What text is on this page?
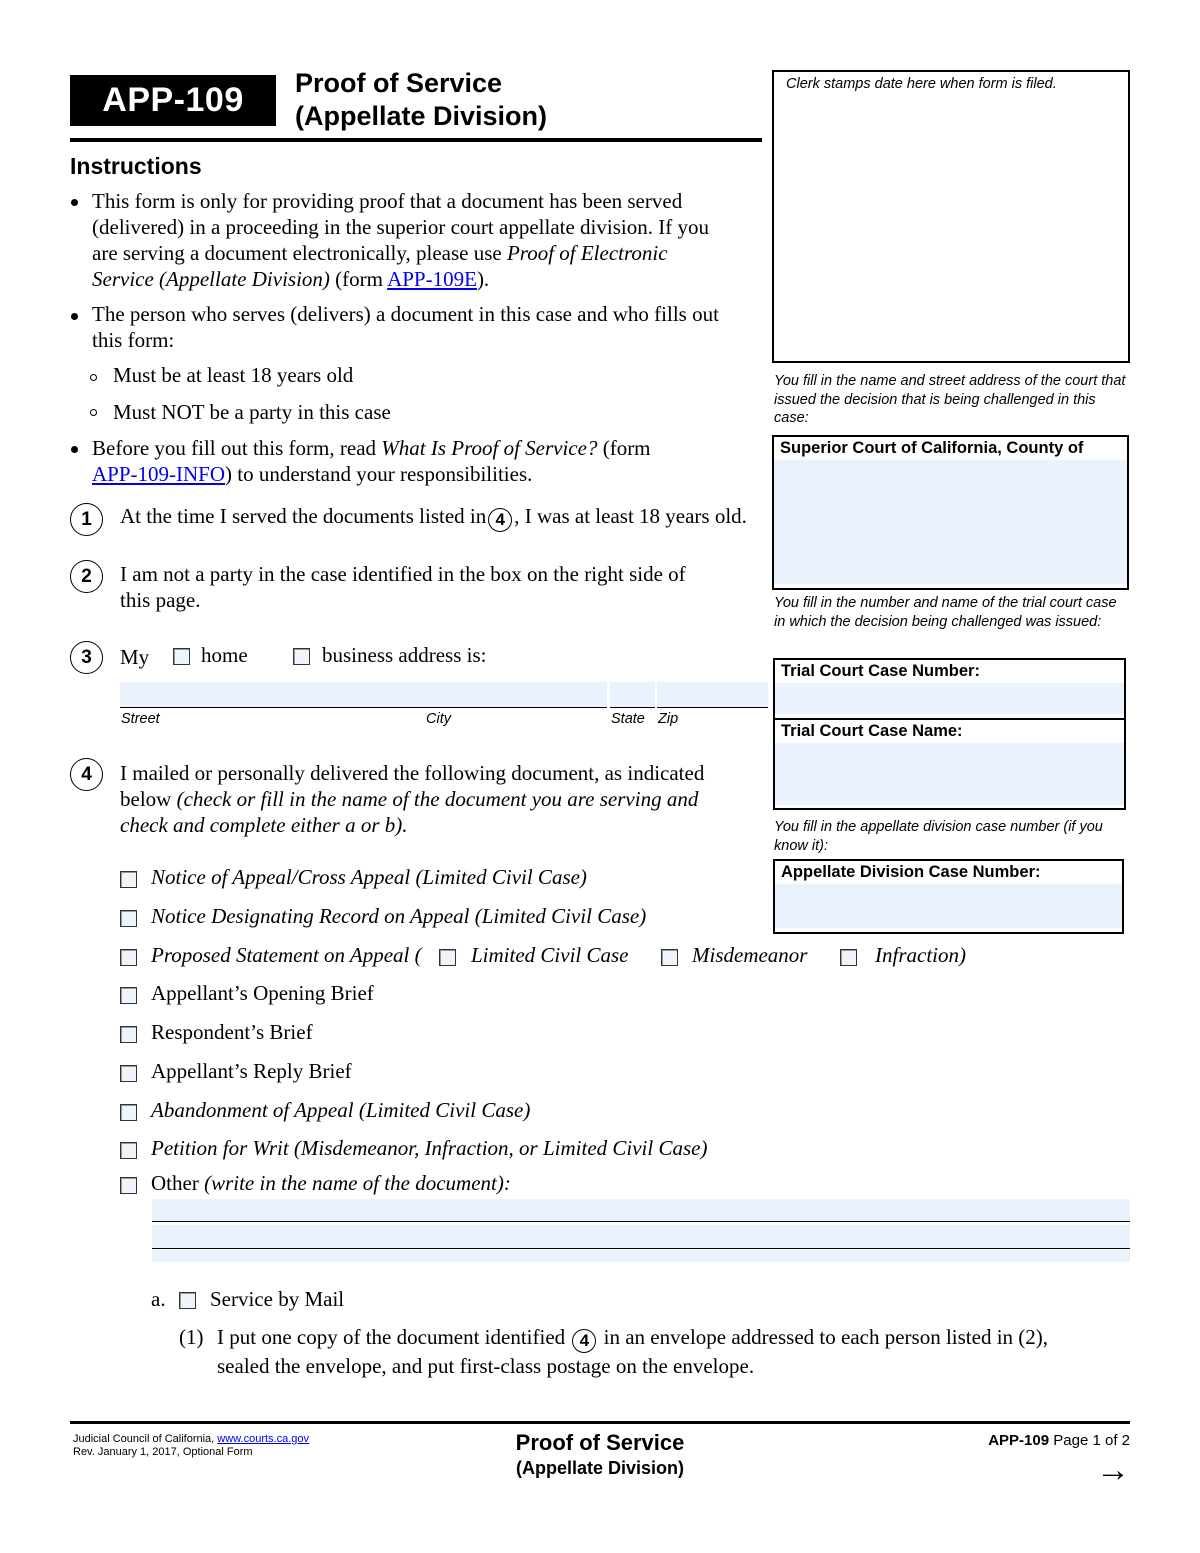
APP-109	Proof of Service
(Appellate Division)
Instructions
This form is only for providing proof that a document has been served
(delivered) in a proceeding in the superior court appellate division. If you
are serving a document electronically, please use Proof of Electronic
Service (Appellate Division) (form APP-109E).
The person who serves (delivers) a document in this case and who fills out
this form:
Must be at least 18 years old
Must NOT be a party in this case
Before you fill out this form, read What Is Proof of Service? (form
APP-109-INFO) to understand your responsibilities.
1	At the time I served the documents listed in 4 , I was at least 18 years old.
2	I am not a party in the case identified in the box on the right side of
this page.
3	My home	business address is:
Street	City	State Zip
4	I mailed or personally delivered the following document, as indicated
below (check or fill in the name of the document you are serving and
check and complete either a or b).
Notice of Appeal/Cross Appeal (Limited Civil Case)
Notice Designating Record on Appeal (Limited Civil Case)
Proposed Statement on Appeal ( Limited Civil Case	Misdemeanor	Infraction)
Appellant’s Opening Brief
Respondent’s Brief
Appellant’s Reply Brief
Abandonment of Appeal (Limited Civil Case)
Petition for Writ (Misdemeanor, Infraction, or Limited Civil Case)
Other (write in the name of the document):
a. Service by Mail
(1) I put one copy of the document identified 4 in an envelope addressed to each person listed in (2),
sealed the envelope, and put first-class postage on the envelope.
Clerk stamps date here when form is filed.
You fill in the name and street address of the court that issued the decision that is being challenged in this case:
Superior Court of California, County of
You fill in the number and name of the trial court case in which the decision being challenged was issued:
Trial Court Case Number:
Trial Court Case Name:
You fill in the appellate division case number (if you know it):
Appellate Division Case Number:
Judicial Council of California, www.courts.ca.gov
Rev. January 1, 2017, Optional Form	Proof of Service
(Appellate Division)
APP-109 Page 1 of 2
→
